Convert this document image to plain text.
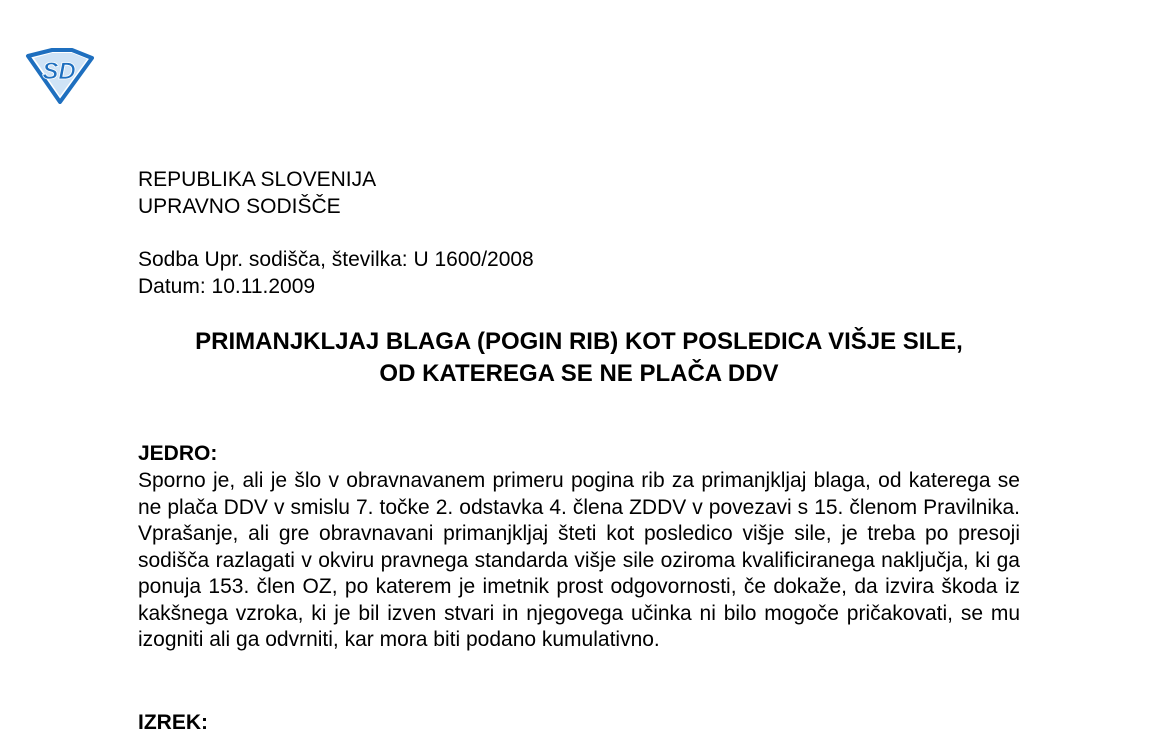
SD
REPUBLIKA SLOVENIJA
UPRAVNO SODIŠČE
Sodba Upr. sodišča, številka: U 1600/2008
Datum: 10.11.2009
PRIMANJKLJAJ BLAGA (POGIN RIB) KOT POSLEDICA VIŠJE SILE,
OD KATEREGA SE NE PLAČA DDV
JEDRO:
Sporno je, ali je šlo v obravnavanem primeru pogina rib za primanjkljaj blaga, od katerega se ne plača DDV v smislu 7. točke 2. odstavka 4. člena ZDDV v povezavi s 15. členom Pravilnika. Vprašanje, ali gre obravnavani primanjkljaj šteti kot posledico višje sile, je treba po presoji sodišča razlagati v okviru pravnega standarda višje sile oziroma kvalificiranega naključja, ki ga ponuja 153. člen OZ, po katerem je imetnik prost odgovornosti, če dokaže, da izvira škoda iz kakšnega vzroka, ki je bil izven stvari in njegovega učinka ni bilo mogoče pričakovati, se mu izogniti ali ga odvrniti, kar mora biti podano kumulativno.
IZREK:
